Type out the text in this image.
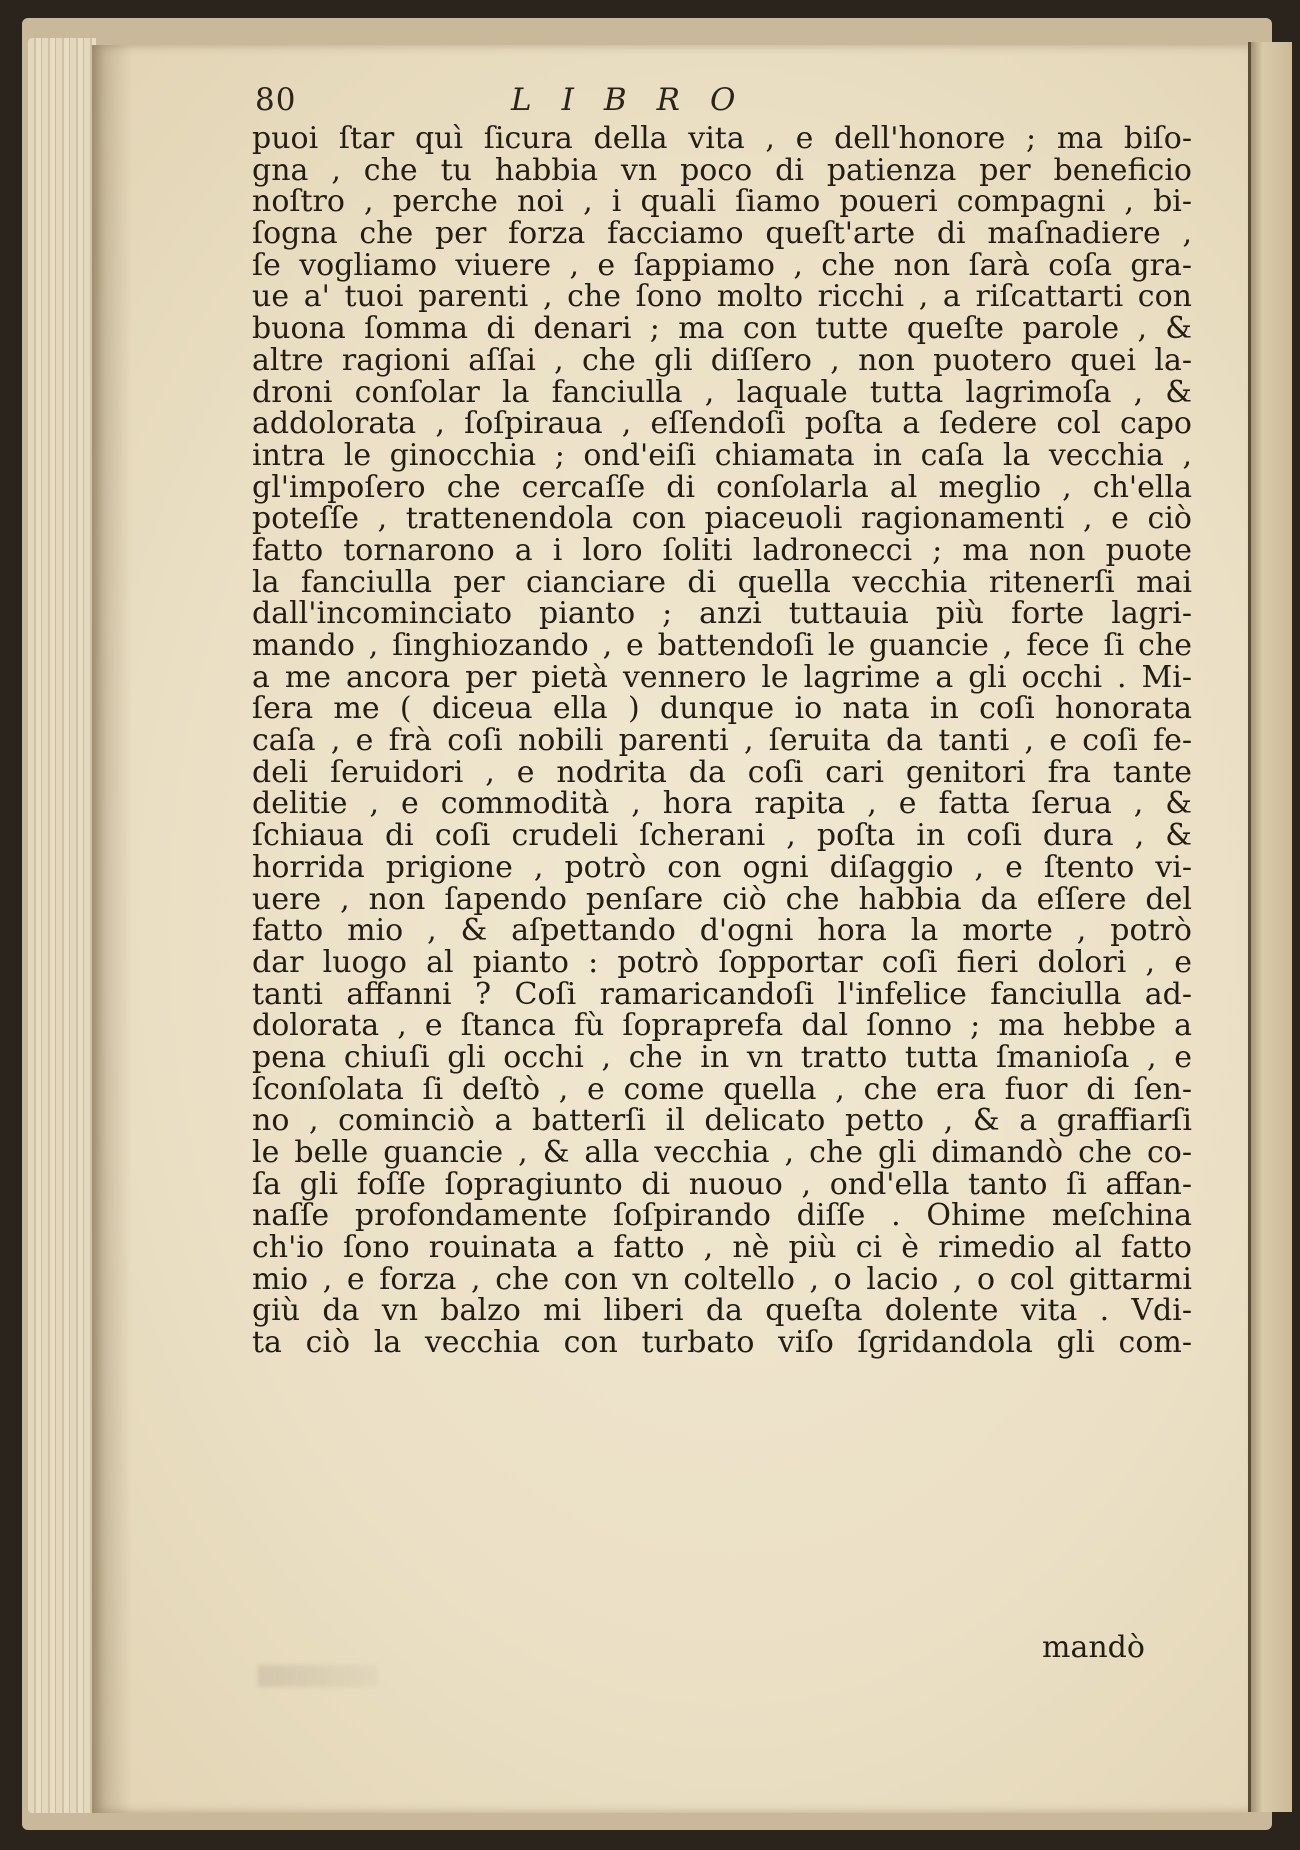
80	LIBRO
puoi ſtar quì ſicura della vita , e dell'honore ; ma biſo-
gna , che tu habbia vn poco di patienza per beneficio
noſtro , perche noi , i quali ſiamo poueri compagni , bi-
ſogna che per forza facciamo queſt'arte di maſnadiere ,
ſe vogliamo viuere , e ſappiamo , che non ſarà coſa gra-
ue a' tuoi parenti , che ſono molto ricchi , a riſcattarti con
buona ſomma di denari ; ma con tutte queſte parole , &
altre ragioni aſſai , che gli diſſero , non puotero quei la-
droni conſolar la fanciulla , laquale tutta lagrimoſa , &
addolorata , ſoſpiraua , eſſendoſi poſta a ſedere col capo
intra le ginocchia ; ond'eiſi chiamata in caſa la vecchia ,
gl'impoſero che cercaſſe di conſolarla al meglio , ch'ella
poteſſe , trattenendola con piaceuoli ragionamenti , e ciò
fatto tornarono a i loro ſoliti ladronecci ; ma non puote
la fanciulla per cianciare di quella vecchia ritenerſi mai
dall'incominciato pianto ; anzi tuttauia più forte lagri-
mando , ſinghiozando , e battendoſi le guancie , fece ſi che
a me ancora per pietà vennero le lagrime a gli occhi . Mi-
ſera me ( diceua ella ) dunque io nata in coſi honorata
caſa , e frà coſi nobili parenti , ſeruita da tanti , e coſi fe-
deli ſeruidori , e nodrita da coſi cari genitori fra tante
delitie , e commodità , hora rapita , e fatta ſerua , &
ſchiaua di coſi crudeli ſcherani , poſta in coſi dura , &
horrida prigione , potrò con ogni diſaggio , e ſtento vi-
uere , non ſapendo penſare ciò che habbia da eſſere del
fatto mio , & aſpettando d'ogni hora la morte , potrò
dar luogo al pianto : potrò ſopportar coſi fieri dolori , e
tanti affanni ? Coſi ramaricandoſi l'infelice fanciulla ad-
dolorata , e ſtanca fù ſopraprefa dal ſonno ; ma hebbe a
pena chiuſi gli occhi , che in vn tratto tutta ſmanioſa , e
ſconſolata ſi deſtò , e come quella , che era fuor di ſen-
no , cominciò a batterſi il delicato petto , & a graffiarſi
le belle guancie , & alla vecchia , che gli dimandò che co-
ſa gli foſſe ſopragiunto di nuouo , ond'ella tanto ſi affan-
naſſe profondamente ſoſpirando diſſe . Ohime meſchina
ch'io ſono rouinata a fatto , nè più ci è rimedio al fatto
mio , e forza , che con vn coltello , o lacio , o col gittarmi
giù da vn balzo mi liberi da queſta dolente vita . Vdi-
ta ciò la vecchia con turbato viſo ſgridandola gli com-
mandò
